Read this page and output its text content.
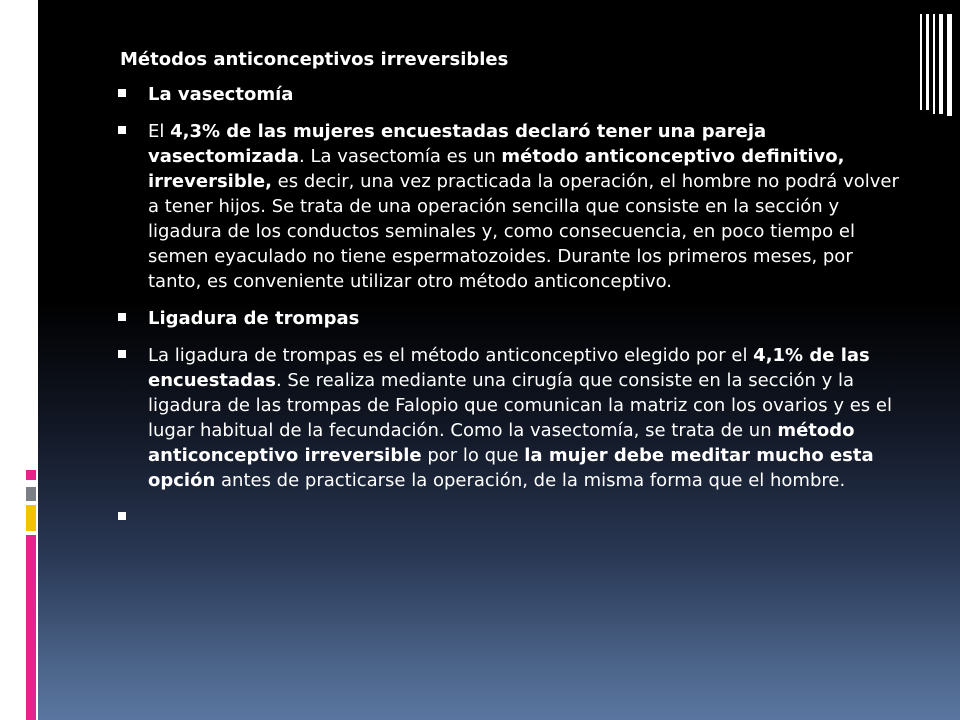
Métodos anticonceptivos irreversibles
La vasectomía
El 4,3% de las mujeres encuestadas declaró tener una pareja vasectomizada. La vasectomía es un método anticonceptivo definitivo, irreversible, es decir, una vez practicada la operación, el hombre no podrá volver a tener hijos. Se trata de una operación sencilla que consiste en la sección y ligadura de los conductos seminales y, como consecuencia, en poco tiempo el semen eyaculado no tiene espermatozoides. Durante los primeros meses, por tanto, es conveniente utilizar otro método anticonceptivo.
Ligadura de trompas
La ligadura de trompas es el método anticonceptivo elegido por el 4,1% de las encuestadas. Se realiza mediante una cirugía que consiste en la sección y la ligadura de las trompas de Falopio que comunican la matriz con los ovarios y es el lugar habitual de la fecundación. Como la vasectomía, se trata de un método anticonceptivo irreversible por lo que la mujer debe meditar mucho esta opción antes de practicarse la operación, de la misma forma que el hombre.
